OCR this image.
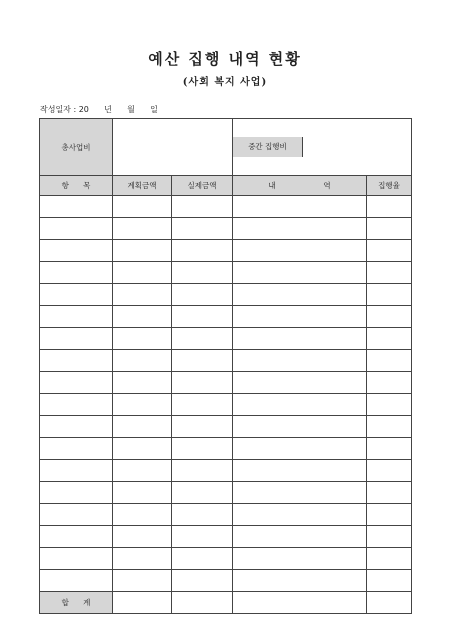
예산 집행 내역 현황
(사회 복지 사업)
작성일자 : 20      년      월      일
총사업비			중간 집행비	

항      목	계획금액	실제금액	내                    역	집행율

합      계				
